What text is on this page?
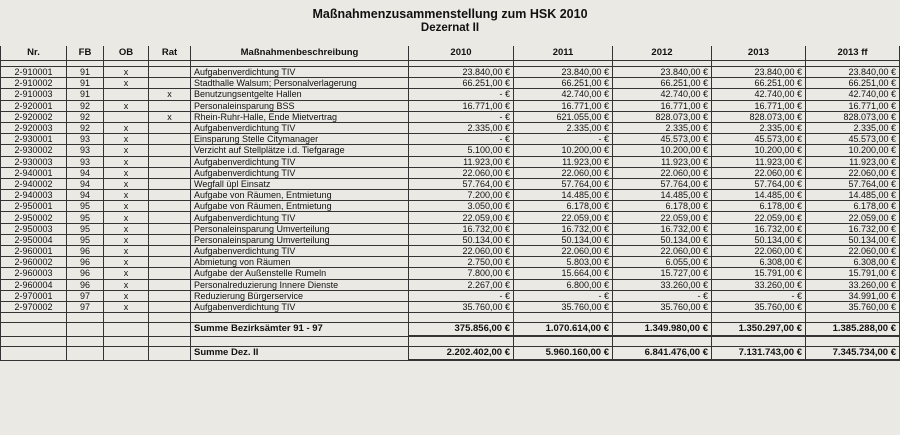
Maßnahmenzusammenstellung zum HSK 2010
Dezernat II
Nr.	FB	OB	Rat	Maßnahmenbeschreibung	2010	2011	2012	2013	2013 ff

2-910001	91	x		Aufgabenverdichtung TIV	23.840,00 €	23.840,00 €	23.840,00 €	23.840,00 €	23.840,00 €
2-910002	91	x		Stadthalle Walsum; Personalverlagerung	66.251,00 €	66.251,00 €	66.251,00 €	66.251,00 €	66.251,00 €
2-910003	91		x	Benutzungsentgelte Hallen	- €	42.740,00 €	42.740,00 €	42.740,00 €	42.740,00 €
2-920001	92	x		Personaleinsparung BSS	16.771,00 €	16.771,00 €	16.771,00 €	16.771,00 €	16.771,00 €
2-920002	92		x	Rhein-Ruhr-Halle, Ende Mietvertrag	- €	621.055,00 €	828.073,00 €	828.073,00 €	828.073,00 €
2-920003	92	x		Aufgabenverdichtung TIV	2.335,00 €	2.335,00 €	2.335,00 €	2.335,00 €	2.335,00 €
2-930001	93	x		Einsparung Stelle Citymanager	- €	- €	45.573,00 €	45.573,00 €	45.573,00 €
2-930002	93	x		Verzicht auf Stellplätze i.d. Tiefgarage	5.100,00 €	10.200,00 €	10.200,00 €	10.200,00 €	10.200,00 €
2-930003	93	x		Aufgabenverdichtung TIV	11.923,00 €	11.923,00 €	11.923,00 €	11.923,00 €	11.923,00 €
2-940001	94	x		Aufgabenverdichtung TIV	22.060,00 €	22.060,00 €	22.060,00 €	22.060,00 €	22.060,00 €
2-940002	94	x		Wegfall üpl Einsatz	57.764,00 €	57.764,00 €	57.764,00 €	57.764,00 €	57.764,00 €
2-940003	94	x		Aufgabe von Räumen, Entmietung	7.200,00 €	14.485,00 €	14.485,00 €	14.485,00 €	14.485,00 €
2-950001	95	x		Aufgabe von Räumen, Entmietung	3.050,00 €	6.178,00 €	6.178,00 €	6.178,00 €	6.178,00 €
2-950002	95	x		Aufgabenverdichtung TIV	22.059,00 €	22.059,00 €	22.059,00 €	22.059,00 €	22.059,00 €
2-950003	95	x		Personaleinsparung Umverteilung	16.732,00 €	16.732,00 €	16.732,00 €	16.732,00 €	16.732,00 €
2-950004	95	x		Personaleinsparung Umverteilung	50.134,00 €	50.134,00 €	50.134,00 €	50.134,00 €	50.134,00 €
2-960001	96	x		Aufgabenverdichtung TIV	22.060,00 €	22.060,00 €	22.060,00 €	22.060,00 €	22.060,00 €
2-960002	96	x		Abmietung von Räumen	2.750,00 €	5.803,00 €	6.055,00 €	6.308,00 €	6.308,00 €
2-960003	96	x		Aufgabe der Außenstelle Rumeln	7.800,00 €	15.664,00 €	15.727,00 €	15.791,00 €	15.791,00 €
2-960004	96	x		Personalreduzierung Innere Dienste	2.267,00 €	6.800,00 €	33.260,00 €	33.260,00 €	33.260,00 €
2-970001	97	x		Reduzierung Bürgerservice	- €	- €	- €	- €	34.991,00 €
2-970002	97	x		Aufgabenverdichtung TIV	35.760,00 €	35.760,00 €	35.760,00 €	35.760,00 €	35.760,00 €

				Summe Bezirksämter 91 - 97	375.856,00 €	1.070.614,00 €	1.349.980,00 €	1.350.297,00 €	1.385.288,00 €

				Summe Dez. II	2.202.402,00 €	5.960.160,00 €	6.841.476,00 €	7.131.743,00 €	7.345.734,00 €
